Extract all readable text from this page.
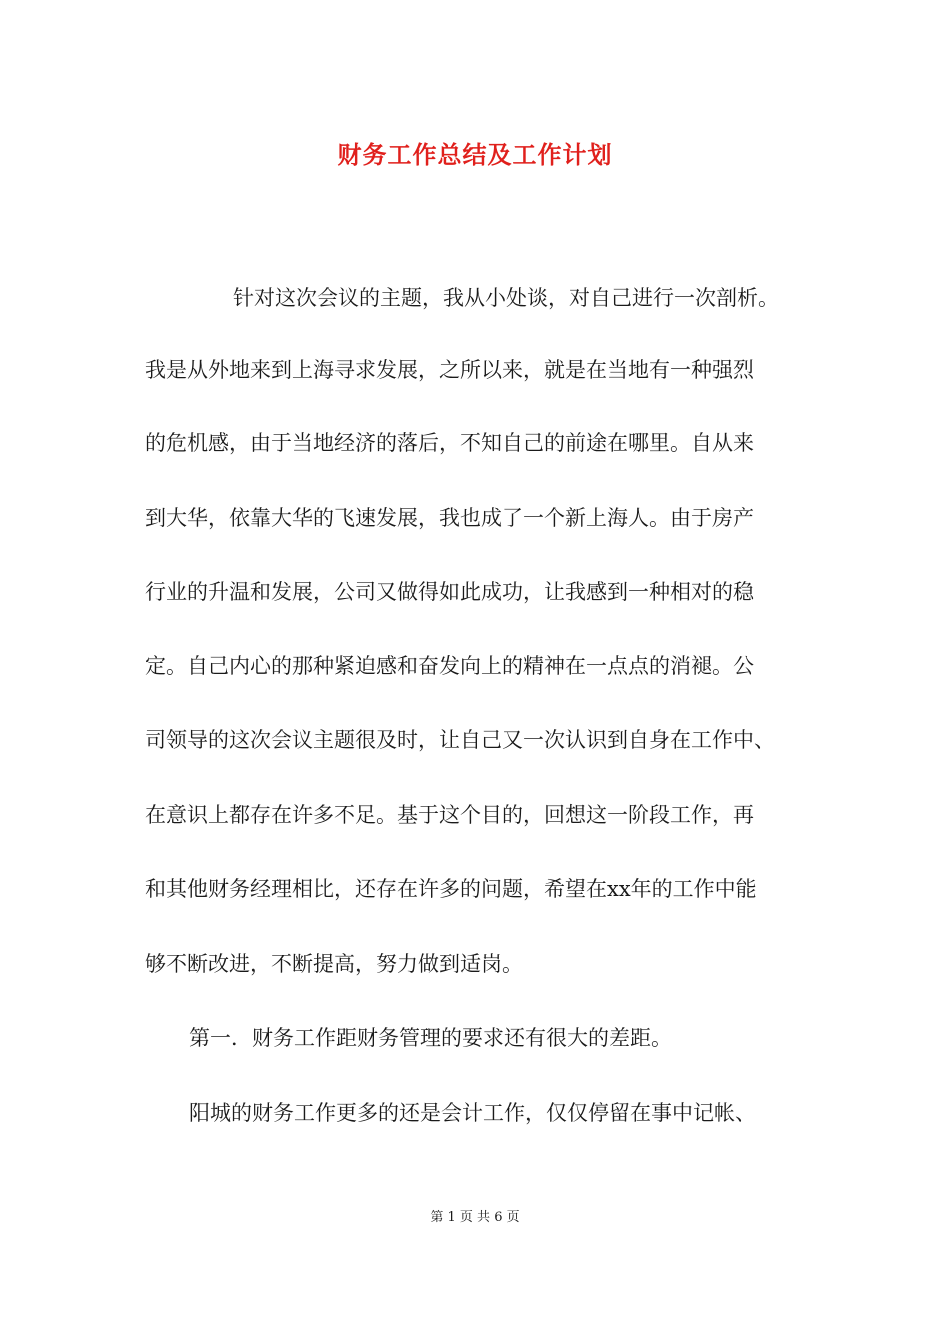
财务工作总结及工作计划
针对这次会议的主题，我从小处谈，对自己进行一次剖析。
我是从外地来到上海寻求发展，之所以来，就是在当地有一种强烈
的危机感，由于当地经济的落后，不知自己的前途在哪里。自从来
到大华，依靠大华的飞速发展，我也成了一个新上海人。由于房产
行业的升温和发展，公司又做得如此成功，让我感到一种相对的稳
定。自己内心的那种紧迫感和奋发向上的精神在一点点的消褪。公
司领导的这次会议主题很及时，让自己又一次认识到自身在工作中、
在意识上都存在许多不足。基于这个目的，回想这一阶段工作，再
和其他财务经理相比，还存在许多的问题，希望在xx年的工作中能
够不断改进，不断提高，努力做到适岗。
第一．财务工作距财务管理的要求还有很大的差距。
阳城的财务工作更多的还是会计工作，仅仅停留在事中记帐、
第 1 页 共 6 页
